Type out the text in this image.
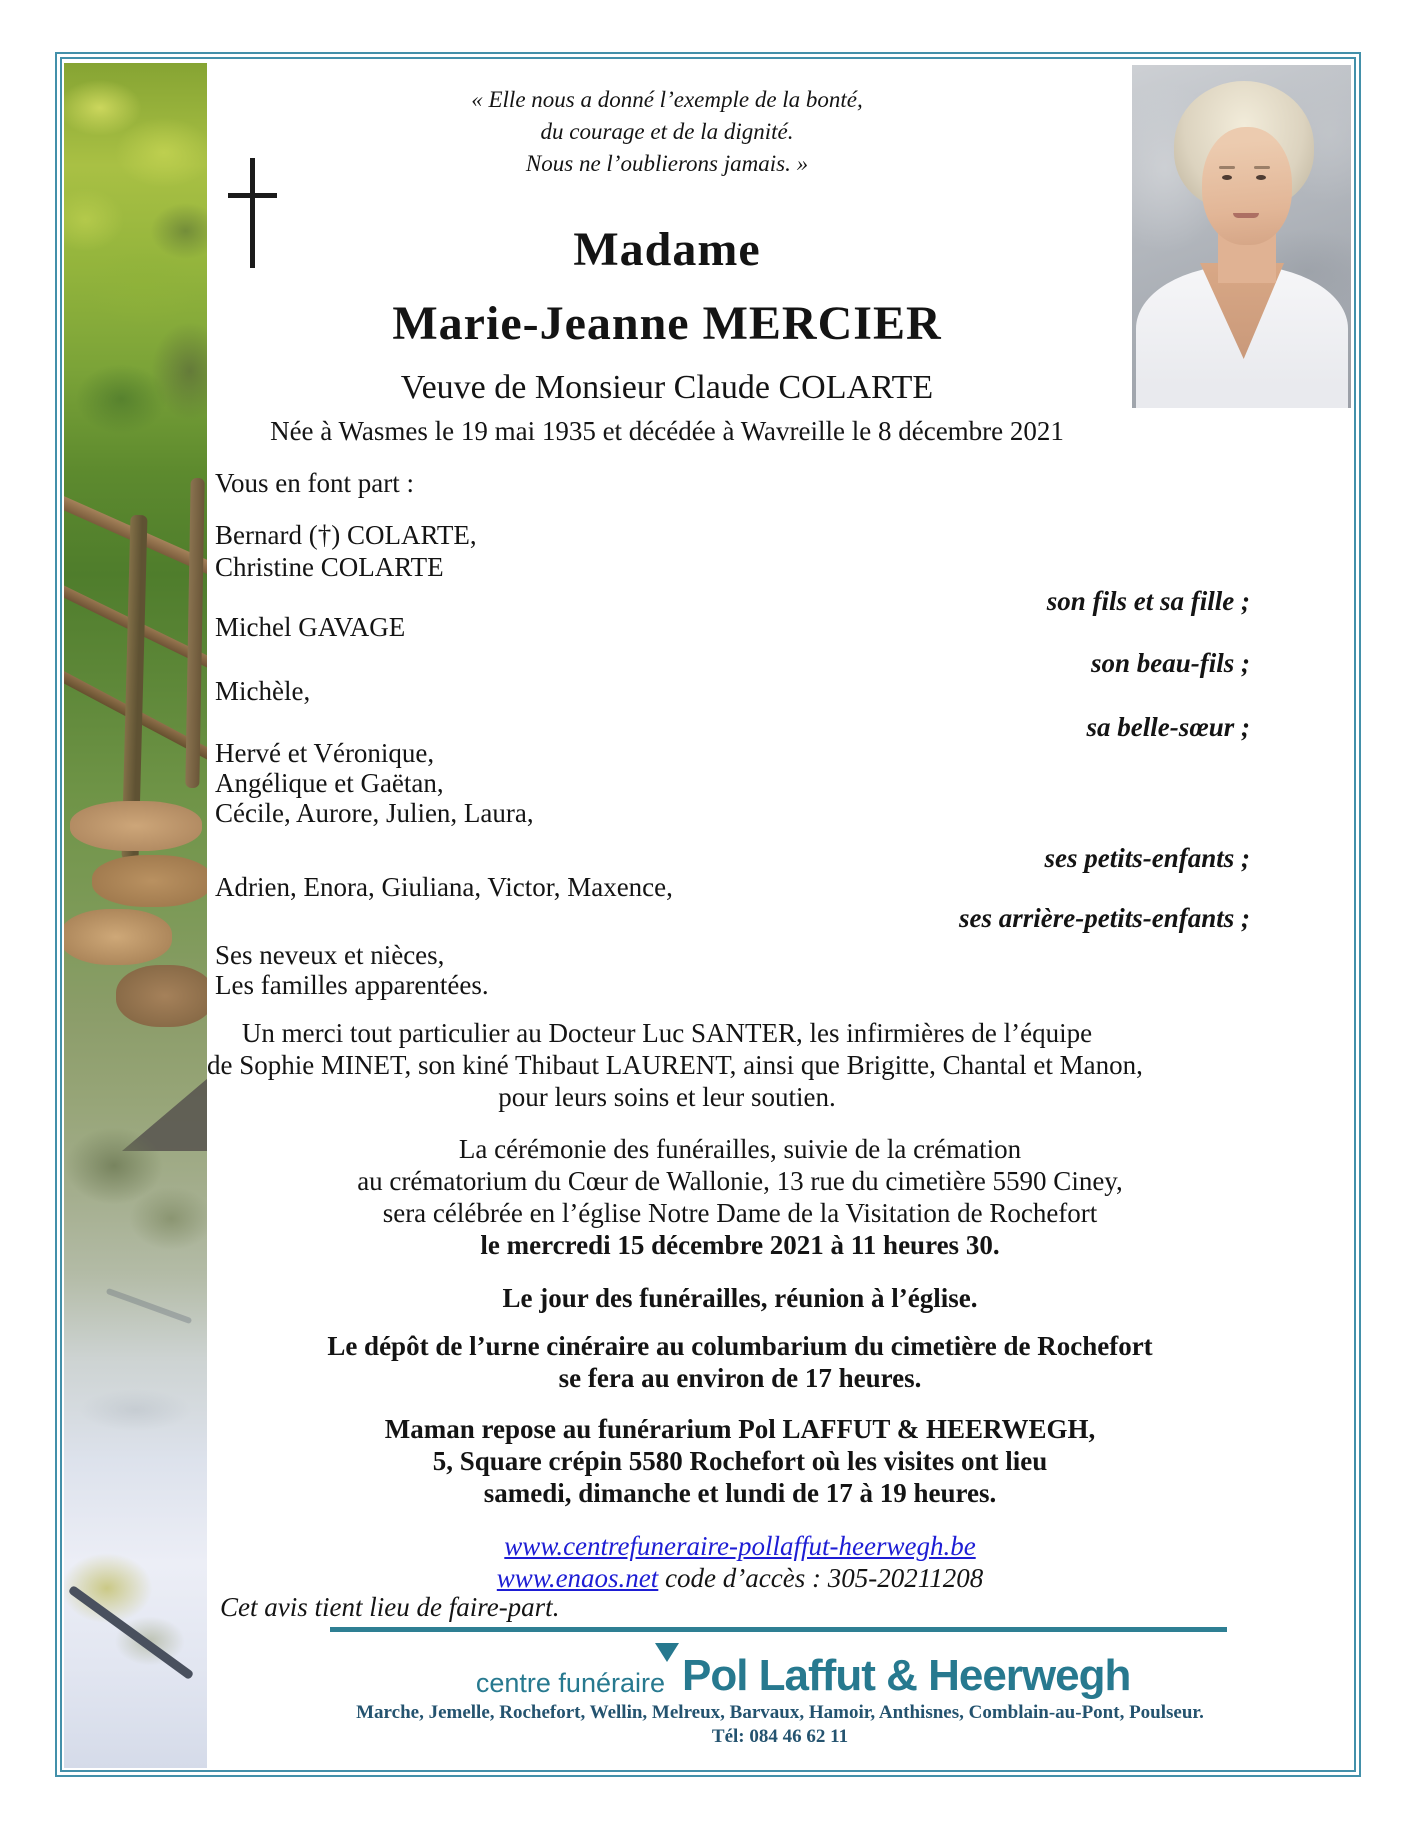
« Elle nous a donné l’exemple de la bonté,
du courage et de la dignité.
Nous ne l’oublierons jamais. »
Madame
Marie-Jeanne MERCIER
Veuve de Monsieur Claude COLARTE
Née à Wasmes le 19 mai 1935 et décédée à Wavreille le 8 décembre 2021
Vous en font part :
Bernard (†) COLARTE,
Christine COLARTE
son fils et sa fille ;
Michel GAVAGE
son beau-fils ;
Michèle,
sa belle-sœur ;
Hervé et Véronique,
Angélique et Gaëtan,
Cécile, Aurore, Julien, Laura,
ses petits-enfants ;
Adrien, Enora, Giuliana, Victor, Maxence,
ses arrière-petits-enfants ;
Ses neveux et nièces,
Les familles apparentées.
Un merci tout particulier au Docteur Luc SANTER, les infirmières de l’équipe
de Sophie MINET, son kiné Thibaut LAURENT, ainsi que Brigitte, Chantal et Manon,
pour leurs soins et leur soutien.
La cérémonie des funérailles, suivie de la crémation
au crématorium du Cœur de Wallonie, 13 rue du cimetière 5590 Ciney,
sera célébrée en l’église Notre Dame de la Visitation de Rochefort
le mercredi 15 décembre 2021 à 11 heures 30.
Le jour des funérailles, réunion à l’église.
Le dépôt de l’urne cinéraire au columbarium du cimetière de Rochefort
se fera au environ de 17 heures.
Maman repose au funérarium Pol LAFFUT & HEERWEGH,
5, Square crépin 5580 Rochefort où les visites ont lieu
samedi, dimanche et lundi de 17 à 19 heures.
www.centrefuneraire-pollaffut-heerwegh.be
www.enaos.net code d’accès : 305-20211208
Cet avis tient lieu de faire-part.
centre funéraire Pol Laffut & Heerwegh
Marche, Jemelle, Rochefort, Wellin, Melreux, Barvaux, Hamoir, Anthisnes, Comblain-au-Pont, Poulseur.
Tél: 084 46 62 11
